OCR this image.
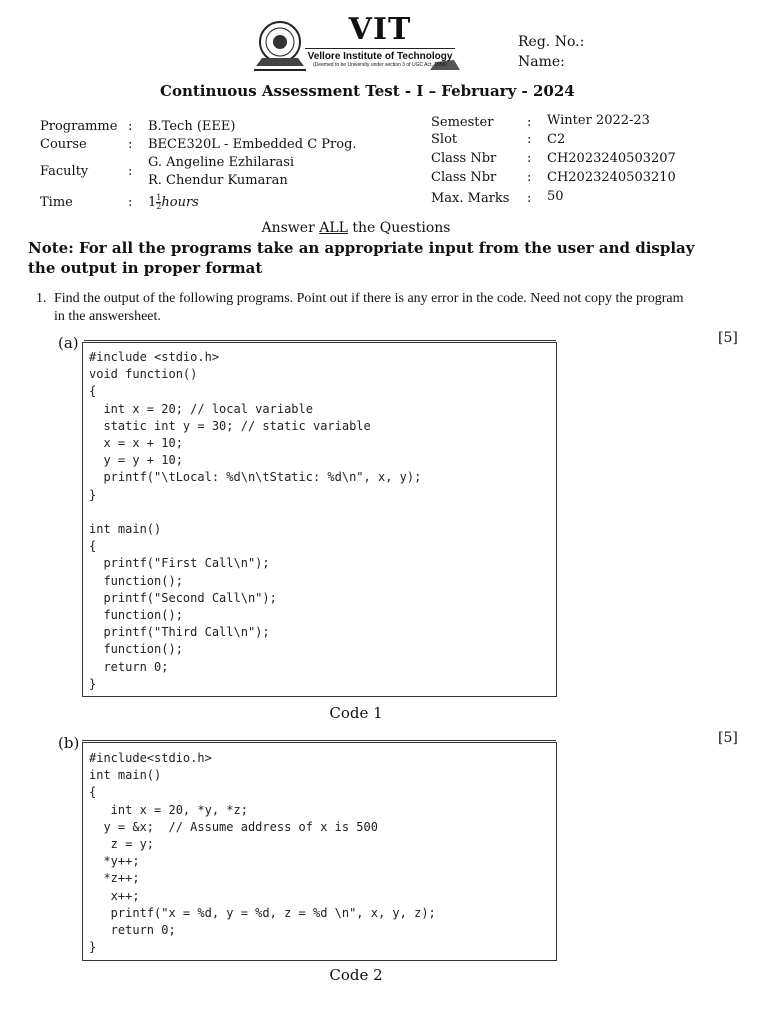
VIT
Vellore Institute of Technology
(Deemed to be University under section 3 of UGC Act, 1956)
Reg. No.:
Name:
Continuous Assessment Test - I – February - 2024
Programme : B.Tech (EEE)
Course	: BECE320L - Embedded C Prog.
Faculty	:
G. Angeline Ezhilarasi
R. Chendur Kumaran
Time	: $1 \frac{1}{2}$ hours
Semester	: Winter 2022-23
Slot	: C2
Class Nbr : CH2023240503207
Class Nbr : CH2023240503210
Max. Marks : 50
Answer ALL the Questions
Note: For all the programs take an appropriate input from the user and display the output in proper format
1. Find the output of the following programs. Point out if there is any error in the code. Need not copy the program in the answersheet.
(a)	[5]
#include <stdio.h>
void function()
{
int x = 20; // local variable
static int y = 30; // static variable
x = x + 10;
y = y + 10;
printf("\tLocal: %d\n\tStatic: %d\n", x, y);
}

int main()
{
printf("First Call\n");
function();
printf("Second Call\n");
function();
printf("Third Call\n");
function();
return 0;
}
Code 1
(b)	[5]
#include<stdio.h>
int main()
{
int x = 20, *y, *z;
y = &x;  // Assume address of x is 500
z = y;
*y++;
*z++;
x++;
printf("x = %d, y = %d, z = %d \n", x, y, z);
return 0;
}
Code 2
